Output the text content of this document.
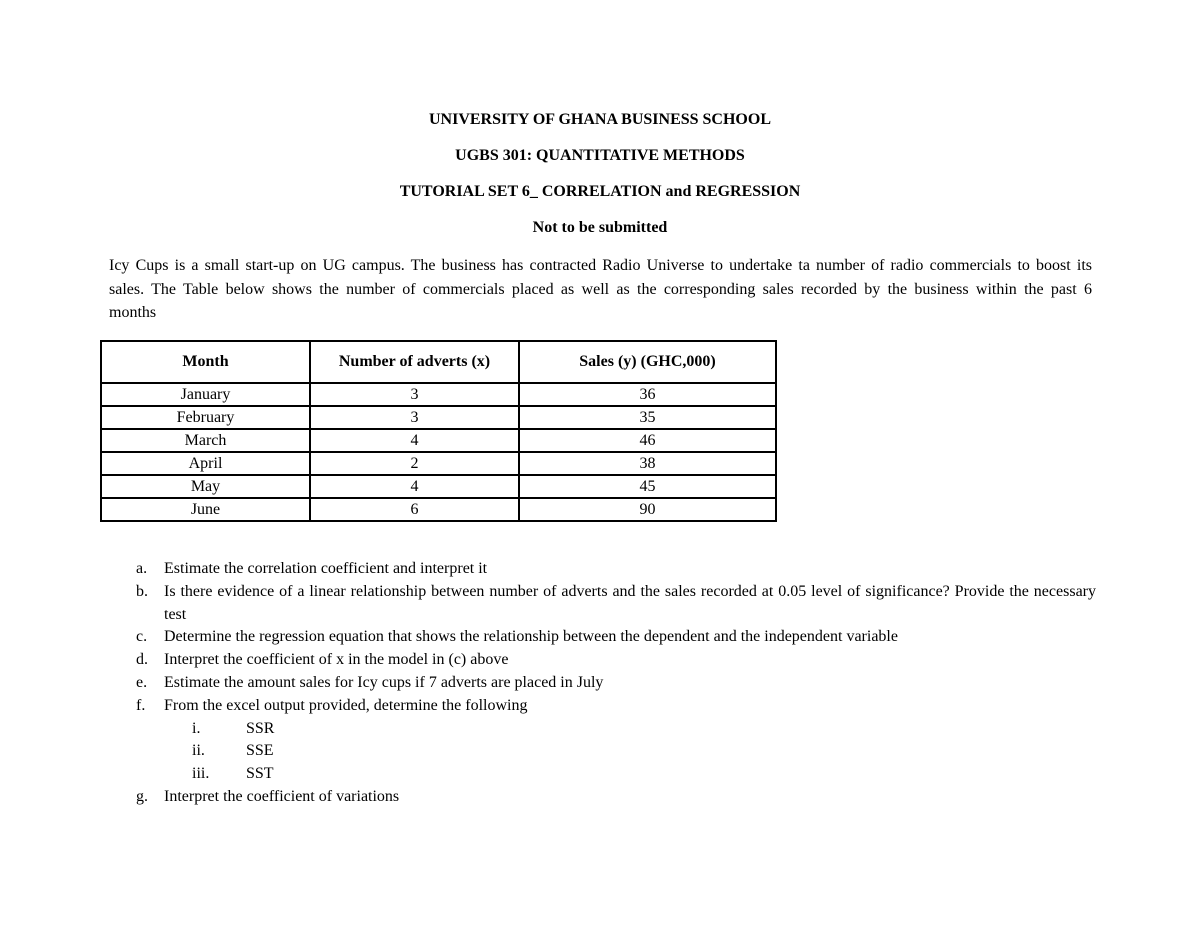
UNIVERSITY OF GHANA BUSINESS SCHOOL
UGBS 301: QUANTITATIVE METHODS
TUTORIAL SET 6_ CORRELATION and REGRESSION
Not to be submitted
Icy Cups is a small start-up on UG campus. The business has contracted Radio Universe to undertake ta number of radio commercials to boost its sales. The Table below shows the number of commercials placed as well as the corresponding sales recorded by the business within the past 6 months
Month	Number of adverts (x)	Sales (y) (GHC,000)
January	3	36
February	3	35
March	4	46
April	2	38
May	4	45
June	6	90
a. Estimate the correlation coefficient and interpret it
b. Is there evidence of a linear relationship between number of adverts and the sales recorded at 0.05 level of significance? Provide the necessary test
c. Determine the regression equation that shows the relationship between the dependent and the independent variable
d. Interpret the coefficient of x in the model in (c) above
e. Estimate the amount sales for Icy cups if 7 adverts are placed in July
f. From the excel output provided, determine the following
i.	SSR
ii.	SSE
iii.	SST
g. Interpret the coefficient of variations
